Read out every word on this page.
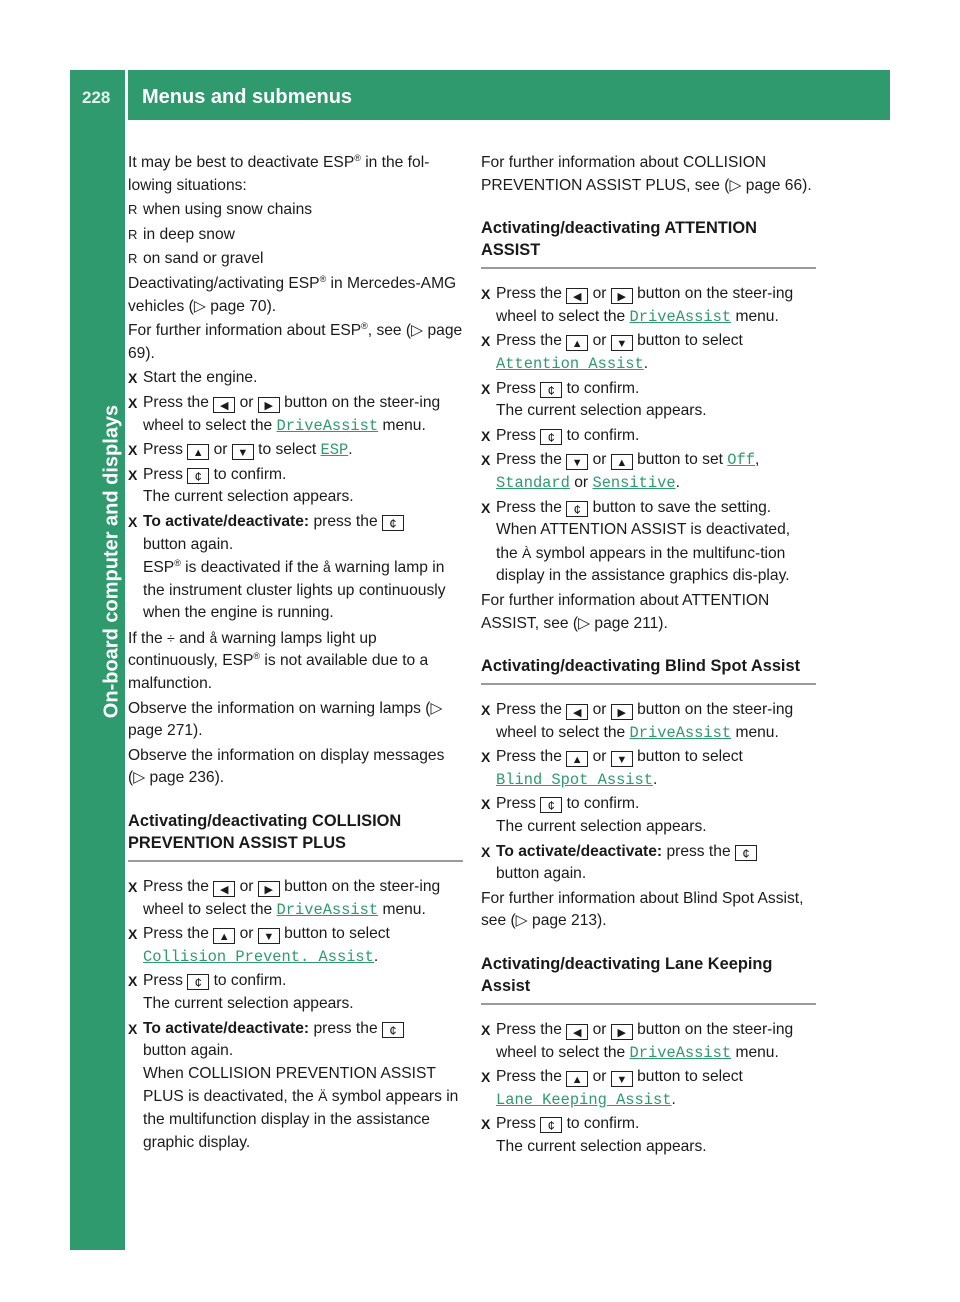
228 Menus and submenus
On-board computer and displays

It may be best to deactivate ESP® in the fol-lowing situations:

R when using snow chains
R in deep snow
R on sand or gravel

Deactivating/activating ESP® in Mercedes-AMG vehicles (▷ page 70).

For further information about ESP®, see (▷ page 69).

X Start the engine.
X Press the ◀ or ▶ button on the steer-ing wheel to select the DriveAssist menu.
X Press ▲ or ▼ to select ESP.
X Press ¢ to confirm.
The current selection appears.
X To activate/deactivate: press the ¢
button again.
ESP® is deactivated if the å warning lamp in the instrument cluster lights up continuously when the engine is running.

If the ÷ and å warning lamps light up continuously, ESP® is not available due to a malfunction.

Observe the information on warning lamps (▷ page 271).

Observe the information on display messages (▷ page 236).

Activating/deactivating COLLISION PREVENTION ASSIST PLUS
X Press the ◀ or ▶ button on the steer-ing wheel to select the DriveAssist menu.
X Press the ▲ or ▼ button to select
Collision Prevent. Assist.
X Press ¢ to confirm.
The current selection appears.
X To activate/deactivate: press the ¢
button again.
When COLLISION PREVENTION ASSIST PLUS is deactivated, the Ä symbol appears in the multifunction display in the assistance graphic display.

For further information about COLLISION PREVENTION ASSIST PLUS, see (▷ page 66).

Activating/deactivating ATTENTION ASSIST
X Press the ◀ or ▶ button on the steer-ing wheel to select the DriveAssist menu.
X Press the ▲ or ▼ button to select
Attention Assist.
X Press ¢ to confirm.
The current selection appears.
X Press ¢ to confirm.
X Press the ▼ or ▲ button to set Off,
Standard or Sensitive.
X Press the ¢ button to save the setting.
When ATTENTION ASSIST is deactivated, the À symbol appears in the multifunc-tion display in the assistance graphics dis-play.

For further information about ATTENTION ASSIST, see (▷ page 211).

Activating/deactivating Blind Spot Assist
X Press the ◀ or ▶ button on the steer-ing wheel to select the DriveAssist menu.
X Press the ▲ or ▼ button to select
Blind Spot Assist.
X Press ¢ to confirm.
The current selection appears.
X To activate/deactivate: press the ¢
button again.

For further information about Blind Spot Assist, see (▷ page 213).

Activating/deactivating Lane Keeping Assist
X Press the ◀ or ▶ button on the steer-ing wheel to select the DriveAssist menu.
X Press the ▲ or ▼ button to select
Lane Keeping Assist.
X Press ¢ to confirm.
The current selection appears.
